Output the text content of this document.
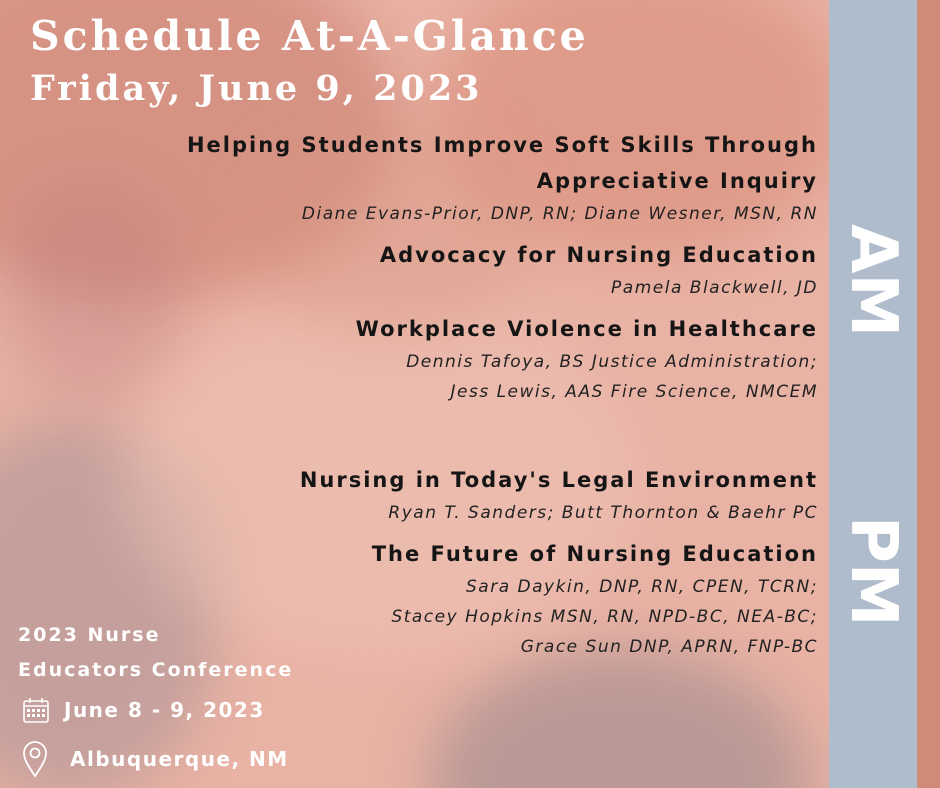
AM
PM
Schedule At-A-Glance
Friday, June 9, 2023
Helping Students Improve Soft Skills Through
Appreciative Inquiry
Diane Evans-Prior, DNP, RN; Diane Wesner, MSN, RN
Advocacy for Nursing Education
Pamela Blackwell, JD
Workplace Violence in Healthcare
Dennis Tafoya, BS Justice Administration;
Jess Lewis, AAS Fire Science, NMCEM
Nursing in Today's Legal Environment
Ryan T. Sanders; Butt Thornton & Baehr PC
The Future of Nursing Education
Sara Daykin, DNP, RN, CPEN, TCRN;
Stacey Hopkins MSN, RN, NPD-BC, NEA-BC;
Grace Sun DNP, APRN, FNP-BC
2023 Nurse
Educators Conference
June 8 - 9, 2023
Albuquerque, NM
